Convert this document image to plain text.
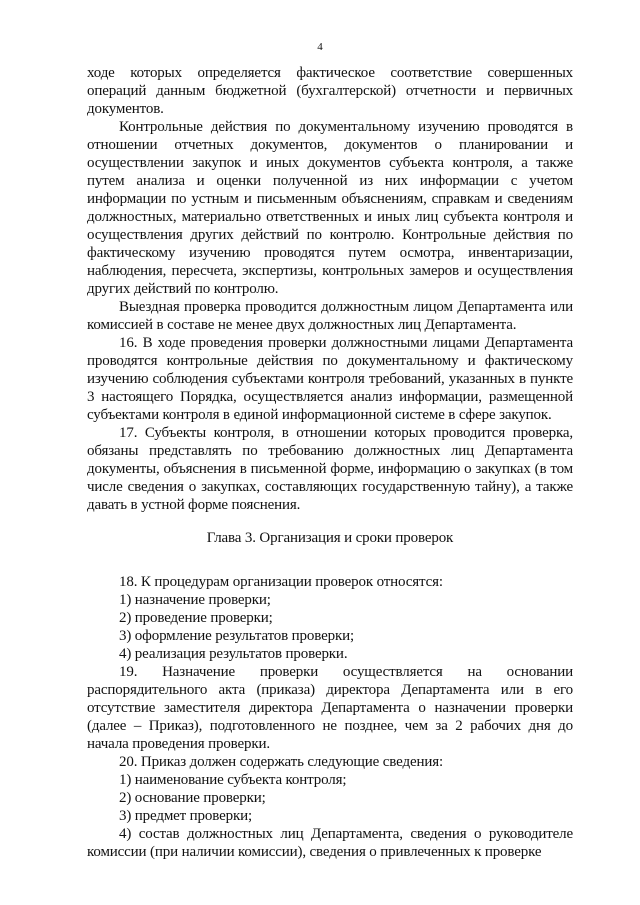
4

ходе которых определяется фактическое соответствие совершенных операций данным бюджетной (бухгалтерской) отчетности и первичных документов.

Контрольные действия по документальному изучению проводятся в отношении отчетных документов, документов о планировании и осуществлении закупок и иных документов субъекта контроля, а также путем анализа и оценки полученной из них информации с учетом информации по устным и письменным объяснениям, справкам и сведениям должностных, материально ответственных и иных лиц субъекта контроля и осуществления других действий по контролю. Контрольные действия по фактическому изучению проводятся путем осмотра, инвентаризации, наблюдения, пересчета, экспертизы, контрольных замеров и осуществления других действий по контролю.

Выездная проверка проводится должностным лицом Департамента или комиссией в составе не менее двух должностных лиц Департамента.

16. В ходе проведения проверки должностными лицами Департамента проводятся контрольные действия по документальному и фактическому изучению соблюдения субъектами контроля требований, указанных в пункте 3 настоящего Порядка, осуществляется анализ информации, размещенной субъектами контроля в единой информационной системе в сфере закупок.

17. Субъекты контроля, в отношении которых проводится проверка, обязаны представлять по требованию должностных лиц Департамента документы, объяснения в письменной форме, информацию о закупках (в том числе сведения о закупках, составляющих государственную тайну), а также давать в устной форме пояснения.

Глава 3. Организация и сроки проверок

18. К процедурам организации проверок относятся:

1) назначение проверки;

2) проведение проверки;

3) оформление результатов проверки;

4) реализация результатов проверки.

19. Назначение проверки осуществляется на основании распорядительного акта (приказа) директора Департамента или в его отсутствие заместителя директора Департамента о назначении проверки (далее – Приказ), подготовленного не позднее, чем за 2 рабочих дня до начала проведения проверки.

20. Приказ должен содержать следующие сведения:

1) наименование субъекта контроля;

2) основание проверки;

3) предмет проверки;

4) состав должностных лиц Департамента, сведения о руководителе комиссии (при наличии комиссии), сведения о привлеченных к проверке
